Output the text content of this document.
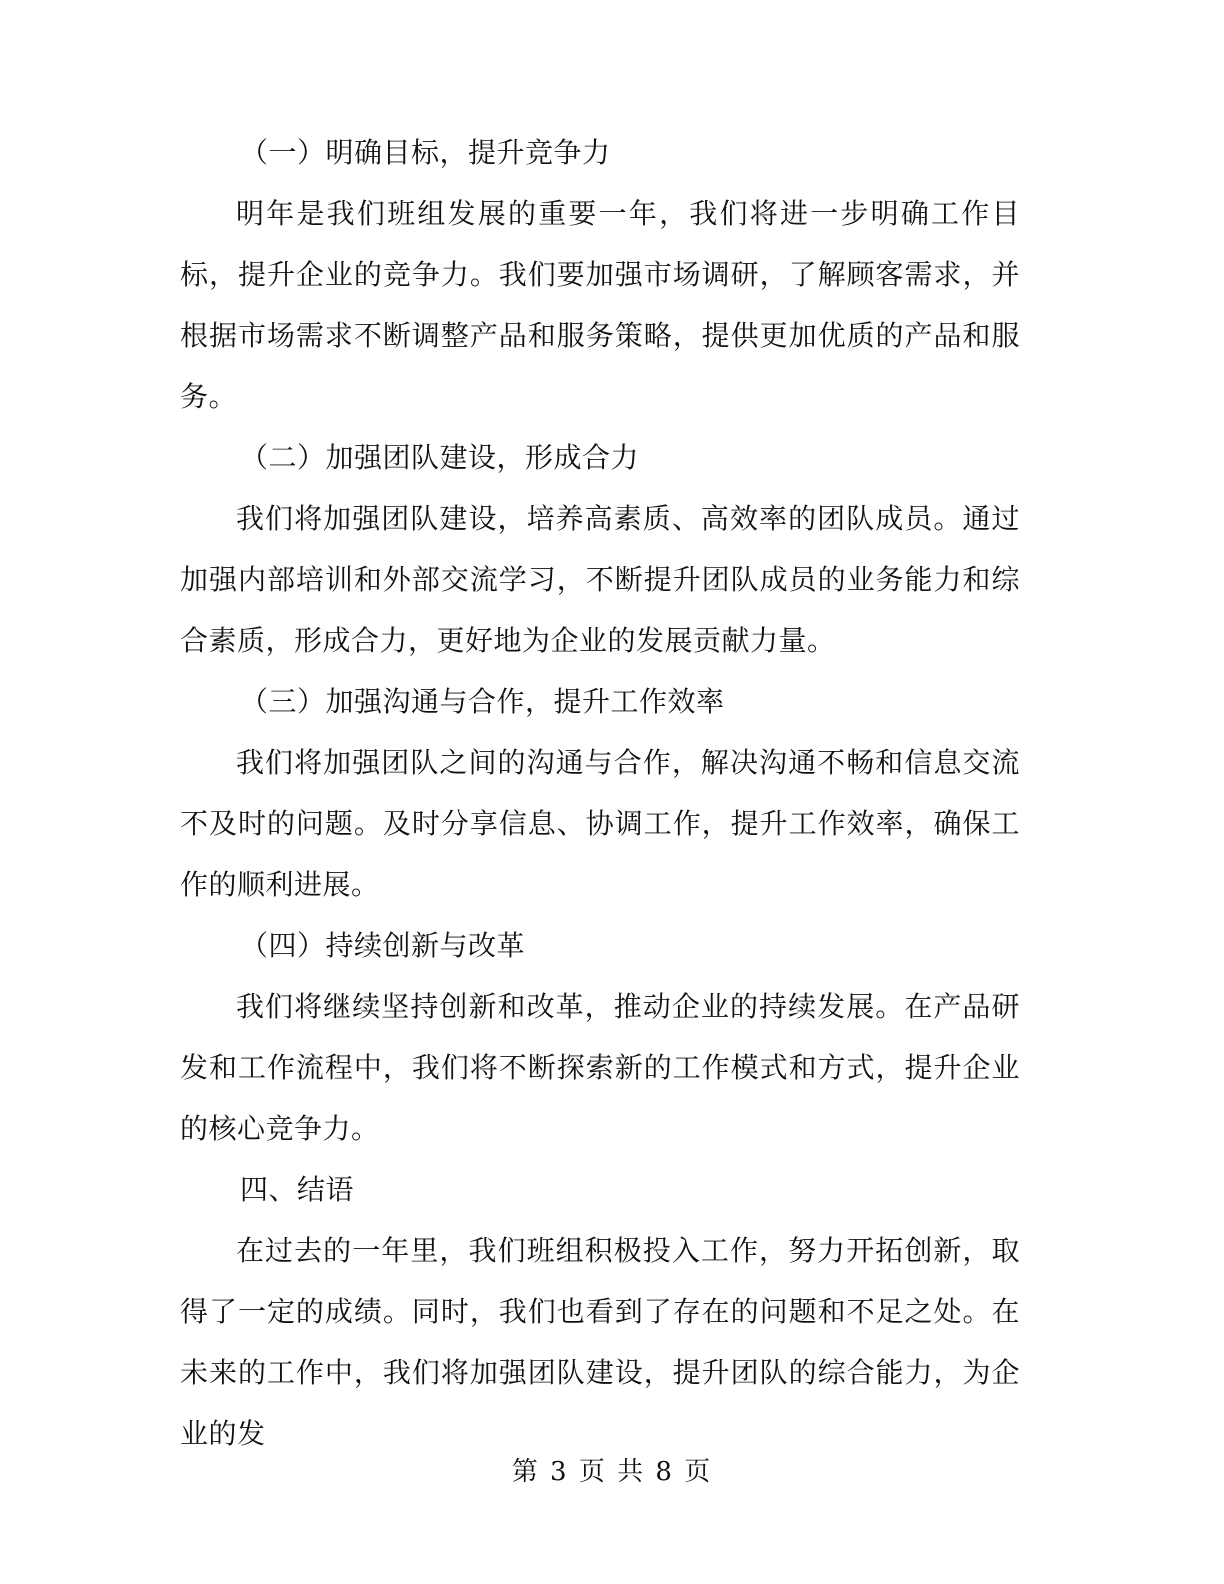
（一）明确目标，提升竞争力

明年是我们班组发展的重要一年，我们将进一步明确工作目标，提升企业的竞争力。我们要加强市场调研，了解顾客需求，并根据市场需求不断调整产品和服务策略，提供更加优质的产品和服务。

（二）加强团队建设，形成合力

我们将加强团队建设，培养高素质、高效率的团队成员。通过加强内部培训和外部交流学习，不断提升团队成员的业务能力和综合素质，形成合力，更好地为企业的发展贡献力量。

（三）加强沟通与合作，提升工作效率

我们将加强团队之间的沟通与合作，解决沟通不畅和信息交流不及时的问题。及时分享信息、协调工作，提升工作效率，确保工作的顺利进展。

（四）持续创新与改革

我们将继续坚持创新和改革，推动企业的持续发展。在产品研发和工作流程中，我们将不断探索新的工作模式和方式，提升企业的核心竞争力。

四、结语

在过去的一年里，我们班组积极投入工作，努力开拓创新，取得了一定的成绩。同时，我们也看到了存在的问题和不足之处。在未来的工作中，我们将加强团队建设，提升团队的综合能力，为企业的发

第 3 页 共 8 页
